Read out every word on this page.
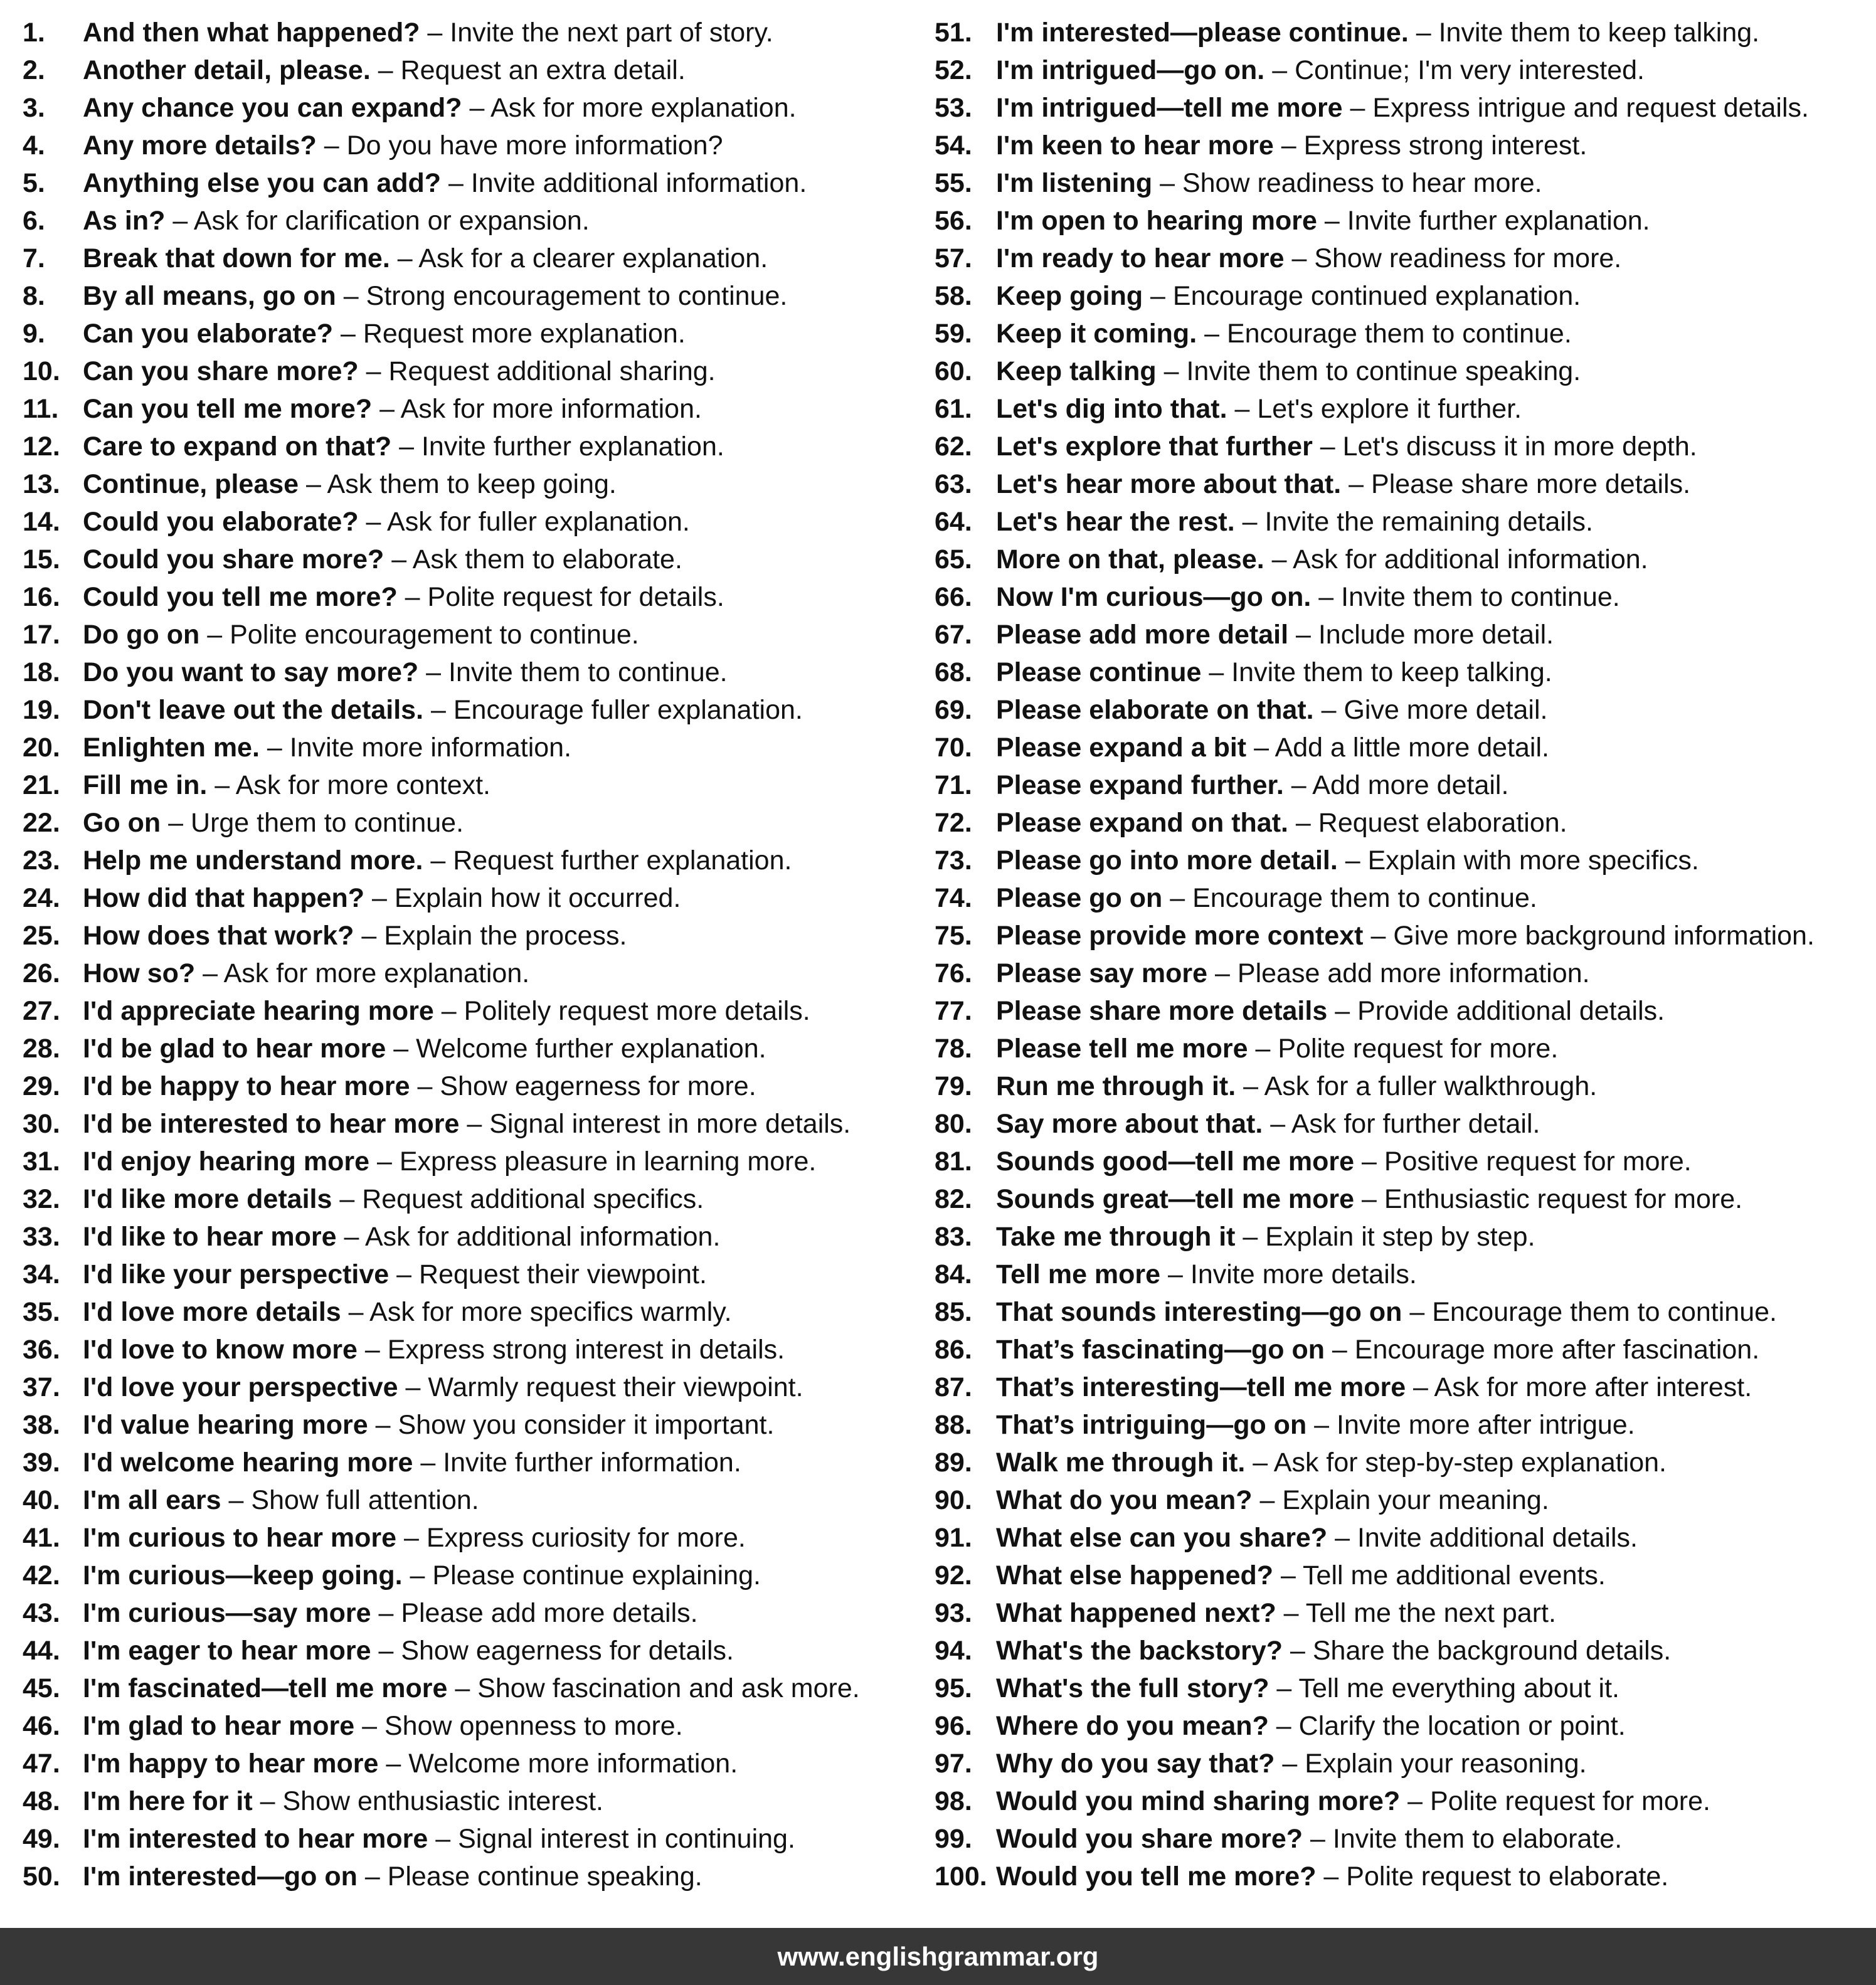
1.	And then what happened? – Invite the next part of story.
2.	Another detail, please. – Request an extra detail.
3.	Any chance you can expand? – Ask for more explanation.
4.	Any more details? – Do you have more information?
5.	Anything else you can add? – Invite additional information.
6.	As in? – Ask for clarification or expansion.
7.	Break that down for me. – Ask for a clearer explanation.
8.	By all means, go on – Strong encouragement to continue.
9.	Can you elaborate? – Request more explanation.
10. Can you share more? – Request additional sharing.
11. Can you tell me more? – Ask for more information.
12. Care to expand on that? – Invite further explanation.
13. Continue, please – Ask them to keep going.
14. Could you elaborate? – Ask for fuller explanation.
15. Could you share more? – Ask them to elaborate.
16. Could you tell me more? – Polite request for details.
17. Do go on – Polite encouragement to continue.
18. Do you want to say more? – Invite them to continue.
19. Don't leave out the details. – Encourage fuller explanation.
20. Enlighten me. – Invite more information.
21. Fill me in. – Ask for more context.
22. Go on – Urge them to continue.
23. Help me understand more. – Request further explanation.
24. How did that happen? – Explain how it occurred.
25. How does that work? – Explain the process.
26. How so? – Ask for more explanation.
27. I'd appreciate hearing more – Politely request more details.
28. I'd be glad to hear more – Welcome further explanation.
29. I'd be happy to hear more – Show eagerness for more.
30. I'd be interested to hear more – Signal interest in more details.
31. I'd enjoy hearing more – Express pleasure in learning more.
32. I'd like more details – Request additional specifics.
33. I'd like to hear more – Ask for additional information.
34. I'd like your perspective – Request their viewpoint.
35. I'd love more details – Ask for more specifics warmly.
36. I'd love to know more – Express strong interest in details.
37. I'd love your perspective – Warmly request their viewpoint.
38. I'd value hearing more – Show you consider it important.
39. I'd welcome hearing more – Invite further information.
40. I'm all ears – Show full attention.
41. I'm curious to hear more – Express curiosity for more.
42. I'm curious—keep going. – Please continue explaining.
43. I'm curious—say more – Please add more details.
44. I'm eager to hear more – Show eagerness for details.
45. I'm fascinated—tell me more – Show fascination and ask more.
46. I'm glad to hear more – Show openness to more.
47. I'm happy to hear more – Welcome more information.
48. I'm here for it – Show enthusiastic interest.
49. I'm interested to hear more – Signal interest in continuing.
50. I'm interested—go on – Please continue speaking.
51. I'm interested—please continue. – Invite them to keep talking.
52. I'm intrigued—go on. – Continue; I'm very interested.
53. I'm intrigued—tell me more – Express intrigue and request details.
54. I'm keen to hear more – Express strong interest.
55. I'm listening – Show readiness to hear more.
56. I'm open to hearing more – Invite further explanation.
57. I'm ready to hear more – Show readiness for more.
58. Keep going – Encourage continued explanation.
59. Keep it coming. – Encourage them to continue.
60. Keep talking – Invite them to continue speaking.
61. Let's dig into that. – Let's explore it further.
62. Let's explore that further – Let's discuss it in more depth.
63. Let's hear more about that. – Please share more details.
64. Let's hear the rest. – Invite the remaining details.
65. More on that, please. – Ask for additional information.
66. Now I'm curious—go on. – Invite them to continue.
67. Please add more detail – Include more detail.
68. Please continue – Invite them to keep talking.
69. Please elaborate on that. – Give more detail.
70. Please expand a bit – Add a little more detail.
71. Please expand further. – Add more detail.
72. Please expand on that. – Request elaboration.
73. Please go into more detail. – Explain with more specifics.
74. Please go on – Encourage them to continue.
75. Please provide more context – Give more background information.
76. Please say more – Please add more information.
77. Please share more details – Provide additional details.
78. Please tell me more – Polite request for more.
79. Run me through it. – Ask for a fuller walkthrough.
80. Say more about that. – Ask for further detail.
81. Sounds good—tell me more – Positive request for more.
82. Sounds great—tell me more – Enthusiastic request for more.
83. Take me through it – Explain it step by step.
84. Tell me more – Invite more details.
85. That sounds interesting—go on – Encourage them to continue.
86. That’s fascinating—go on – Encourage more after fascination.
87. That’s interesting—tell me more – Ask for more after interest.
88. That’s intriguing—go on – Invite more after intrigue.
89. Walk me through it. – Ask for step-by-step explanation.
90. What do you mean? – Explain your meaning.
91. What else can you share? – Invite additional details.
92. What else happened? – Tell me additional events.
93. What happened next? – Tell me the next part.
94. What's the backstory? – Share the background details.
95. What's the full story? – Tell me everything about it.
96. Where do you mean? – Clarify the location or point.
97. Why do you say that? – Explain your reasoning.
98. Would you mind sharing more? – Polite request for more.
99. Would you share more? – Invite them to elaborate.
100. Would you tell me more? – Polite request to elaborate.
www.englishgrammar.org
